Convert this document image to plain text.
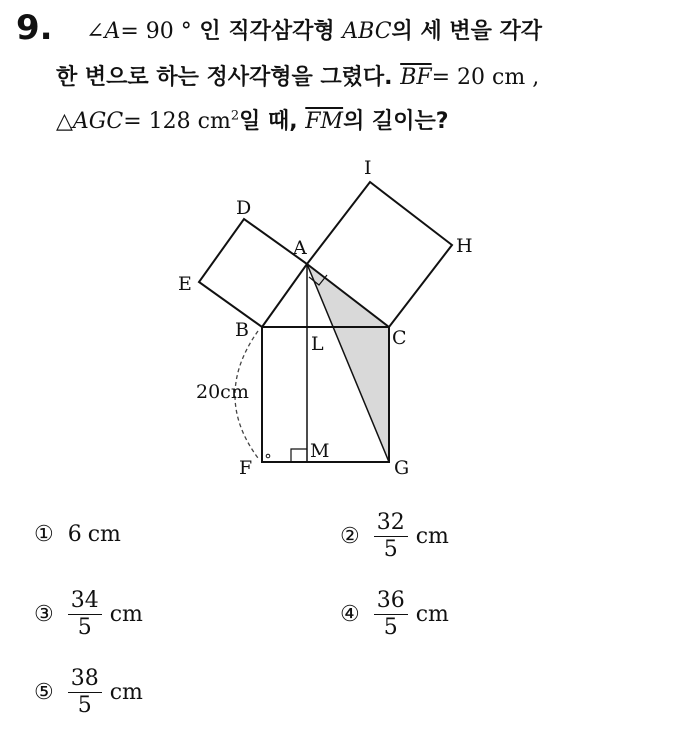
9. ∠A= 90 ° 인 직각삼각형 ABC의 세 변을 각각
한 변으로 하는 정사각형을 그렸다. $\overline{BF}= 20$ cm ,
△AGC= 128 $cm^2$일 때, $\overline{FM}$의 길이는?
I
D
A	H
E
B
L	C
M
F	G
20cm
① 6 cm	② $\frac{32}{5}$ cm
③ $\frac{34}{5}$ cm	④ $\frac{36}{5}$ cm
⑤ $\frac{38}{5}$ cm
